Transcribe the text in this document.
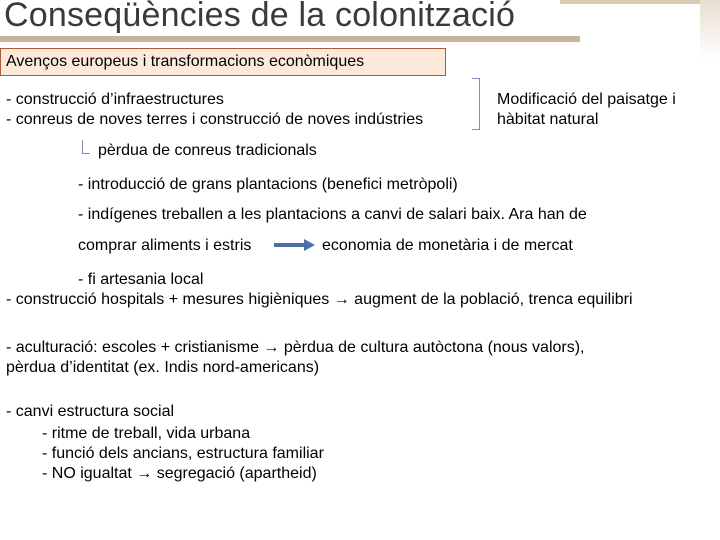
Conseqüències de la colonització
Avenços europeus i transformacions econòmiques
- construcció d’infraestructures
- conreus de noves terres i construcció de noves indústries
Modificació del paisatge i
hàbitat natural
pèrdua de conreus tradicionals
- introducció de grans plantacions (benefici metròpoli)
- indígenes treballen a les plantacions a canvi de salari baix. Ara han de
comprar aliments i estris	economia de monetària i de mercat
- fi artesania local
- construcció hospitals + mesures higièniques → augment de la població, trenca equilibri
- aculturació: escoles + cristianisme → pèrdua de cultura autòctona (nous valors),
pèrdua d’identitat (ex. Indis nord-americans)
- canvi estructura social
- ritme de treball, vida urbana
- funció dels ancians, estructura familiar
- NO igualtat → segregació (apartheid)
